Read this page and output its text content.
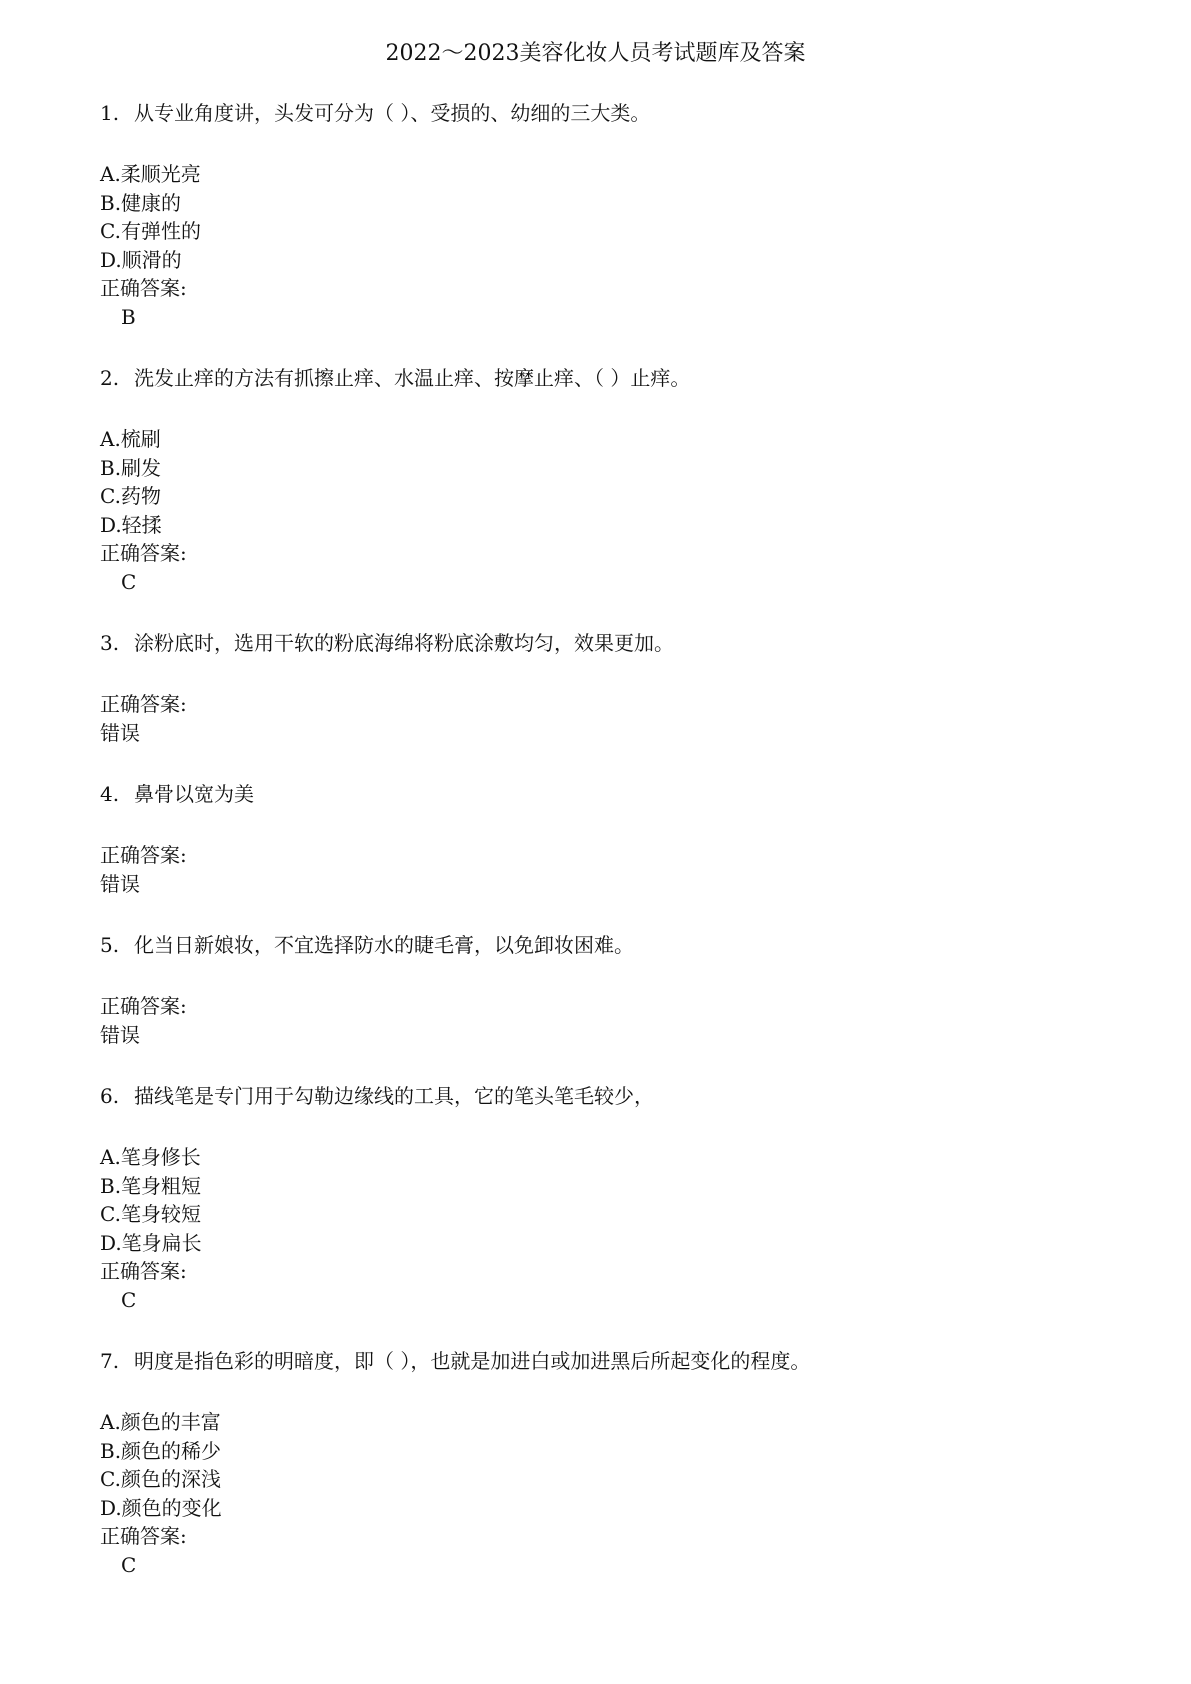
2022～2023美容化妆人员考试题库及答案
1. 从专业角度讲，头发可分为（ ）、受损的、幼细的三大类。
A.柔顺光亮
B.健康的
C.有弹性的
D.顺滑的
正确答案:
B
2. 洗发止痒的方法有抓擦止痒、水温止痒、按摩止痒、（ ）止痒。
A.梳刷
B.刷发
C.药物
D.轻揉
正确答案:
C
3. 涂粉底时，选用干软的粉底海绵将粉底涂敷均匀，效果更加。
正确答案:
错误
4. 鼻骨以宽为美
正确答案:
错误
5. 化当日新娘妆，不宜选择防水的睫毛膏，以免卸妆困难。
正确答案:
错误
6. 描线笔是专门用于勾勒边缘线的工具，它的笔头笔毛较少，
A.笔身修长
B.笔身粗短
C.笔身较短
D.笔身扁长
正确答案:
C
7. 明度是指色彩的明暗度，即（ ），也就是加进白或加进黑后所起变化的程度。
A.颜色的丰富
B.颜色的稀少
C.颜色的深浅
D.颜色的变化
正确答案:
C
